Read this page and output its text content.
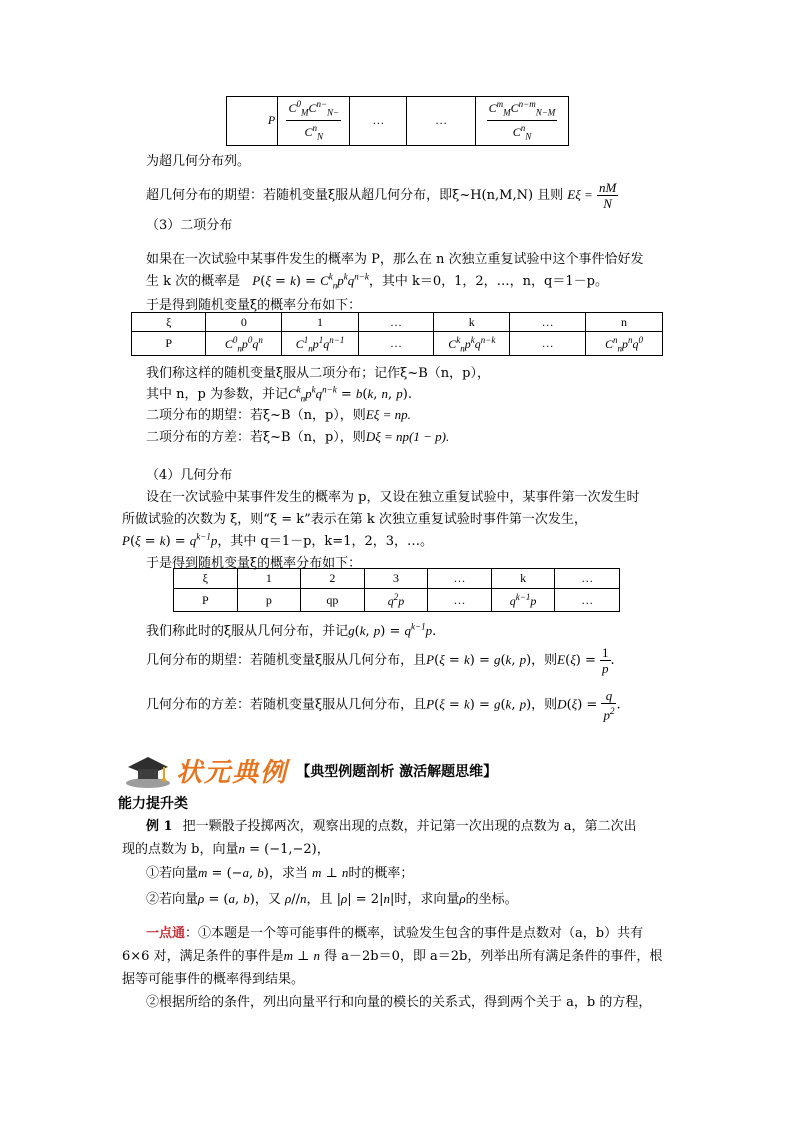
P	$\frac{C^0_MC^{n-}_{N-}}{C^n_N}$	…	…	$\frac{C^m_MC^{n-m}_{N-M}}{C^n_N}$
为超几何分布列。
超几何分布的期望：若随机变量ξ服从超几何分布，即ξ~H(n,M,N) 且则 $E\xi = \frac{nM}{N}$
（3）二项分布
如果在一次试验中某事件发生的概率为 P，那么在 n 次独立重复试验中这个事件恰好发
生 k 次的概率是 $P(\xi = k) = C^k_np^kq^{n-k}$，其中 k＝0，1，2，…，n，q＝1－p。
于是得到随机变量ξ的概率分布如下：
ξ	0	1	…	k	…	n
P	$C^0_np^0q^n$	$C^1_np^1q^{n-1}$	…	$C^k_np^kq^{n-k}$	…	$C^n_np^nq^0$
我们称这样的随机变量ξ服从二项分布；记作ξ~B（n，p），
其中 n，p 为参数，并记$C^k_np^kq^{n-k} = b(k$, n, p).
二项分布的期望：若ξ~B（n，p），则Eξ = np.
二项分布的方差：若ξ~B（n，p），则Dξ = np(1 − p).
（4）几何分布
设在一次试验中某事件发生的概率为 p，又设在独立重复试验中，某事件第一次发生时
所做试验的次数为 ξ，则“ξ = k”表示在第 k 次独立重复试验时事件第一次发生，
$P(\xi = k) = q^{k-1}p$，其中 q＝1－p，k=1，2，3，…。
于是得到随机变量ξ的概率分布如下：
ξ	1	2	3	…	k	…
P	p	qp	$q^2p$	…	$q^{k-1}p$	…
我们称此时的ξ服从几何分布，并记g(k, $p) = q^{k-1}p$.
几何分布的期望：若随机变量ξ服从几何分布，且P(ξ = k) = g(k, p)，则$E(\xi) = \frac{1}{p}$ .
几何分布的方差：若随机变量ξ服从几何分布，且P(ξ = k) = g(k, p)，则$D(\xi) = \frac{q}{p^2}$ .
状元典例 【典型例题剖析 激活解题思维】
能力提升类
例 1 把一颗骰子投掷两次，观察出现的点数，并记第一次出现的点数为 a，第二次出
现的点数为 b，向量n = (−1,−2)，
①若向量m = (−a, b)，求当 m ⊥ n时的概率；
②若向量ρ = (a, b)，又 ρ//n，且 |ρ| = 2|n|时，求向量ρ的坐标。
一点通：①本题是一个等可能事件的概率，试验发生包含的事件是点数对（a，b）共有
6×6 对，满足条件的事件是m ⊥ n 得 a－2b＝0，即 a＝2b，列举出所有满足条件的事件，根
据等可能事件的概率得到结果。
②根据所给的条件，列出向量平行和向量的模长的关系式，得到两个关于 a，b 的方程，
